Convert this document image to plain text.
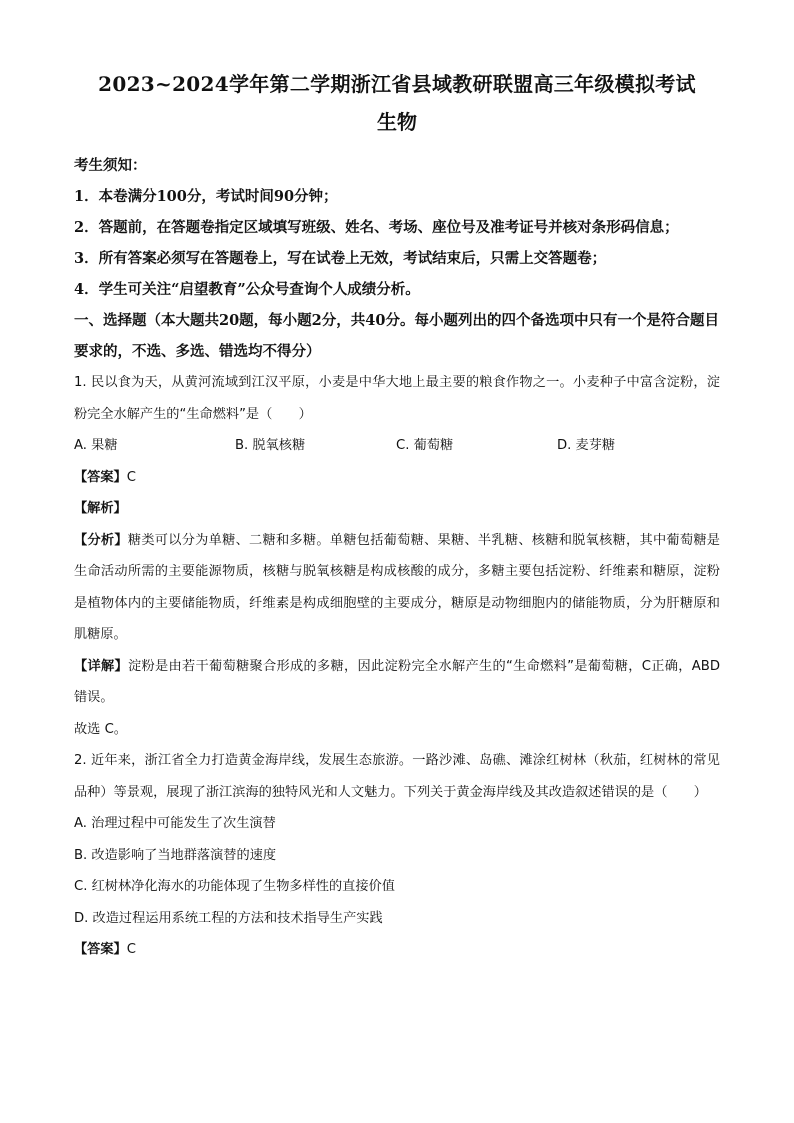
2023~2024学年第二学期浙江省县域教研联盟高三年级模拟考试
生物

考生须知：

1．本卷满分100分，考试时间90分钟；

2．答题前，在答题卷指定区域填写班级、姓名、考场、座位号及准考证号并核对条形码信息；

3．所有答案必须写在答题卷上，写在试卷上无效，考试结束后，只需上交答题卷；

4．学生可关注“启望教育”公众号查询个人成绩分析。

一、选择题（本大题共20题，每小题2分，共40分。每小题列出的四个备选项中只有一个是符合题目要求的，不选、多选、错选均不得分）

1. 民以食为天，从黄河流域到江汉平原，小麦是中华大地上最主要的粮食作物之一。小麦种子中富含淀粉，淀粉完全水解产生的“生命燃料”是（　　）

A. 果糖	B. 脱氧核糖	C. 葡萄糖	D. 麦芽糖

【答案】C

【解析】

【分析】糖类可以分为单糖、二糖和多糖。单糖包括葡萄糖、果糖、半乳糖、核糖和脱氧核糖，其中葡萄糖是生命活动所需的主要能源物质，核糖与脱氧核糖是构成核酸的成分，多糖主要包括淀粉、纤维素和糖原，淀粉是植物体内的主要储能物质，纤维素是构成细胞壁的主要成分，糖原是动物细胞内的储能物质，分为肝糖原和肌糖原。

【详解】淀粉是由若干葡萄糖聚合形成的多糖，因此淀粉完全水解产生的“生命燃料”是葡萄糖，C正确，ABD 错误。

故选 C。

2. 近年来，浙江省全力打造黄金海岸线，发展生态旅游。一路沙滩、岛礁、滩涂红树林（秋茄，红树林的常见品种）等景观，展现了浙江滨海的独特风光和人文魅力。下列关于黄金海岸线及其改造叙述错误的是（　　）

A. 治理过程中可能发生了次生演替

B. 改造影响了当地群落演替的速度

C. 红树林净化海水的功能体现了生物多样性的直接价值

D. 改造过程运用系统工程的方法和技术指导生产实践

【答案】C
